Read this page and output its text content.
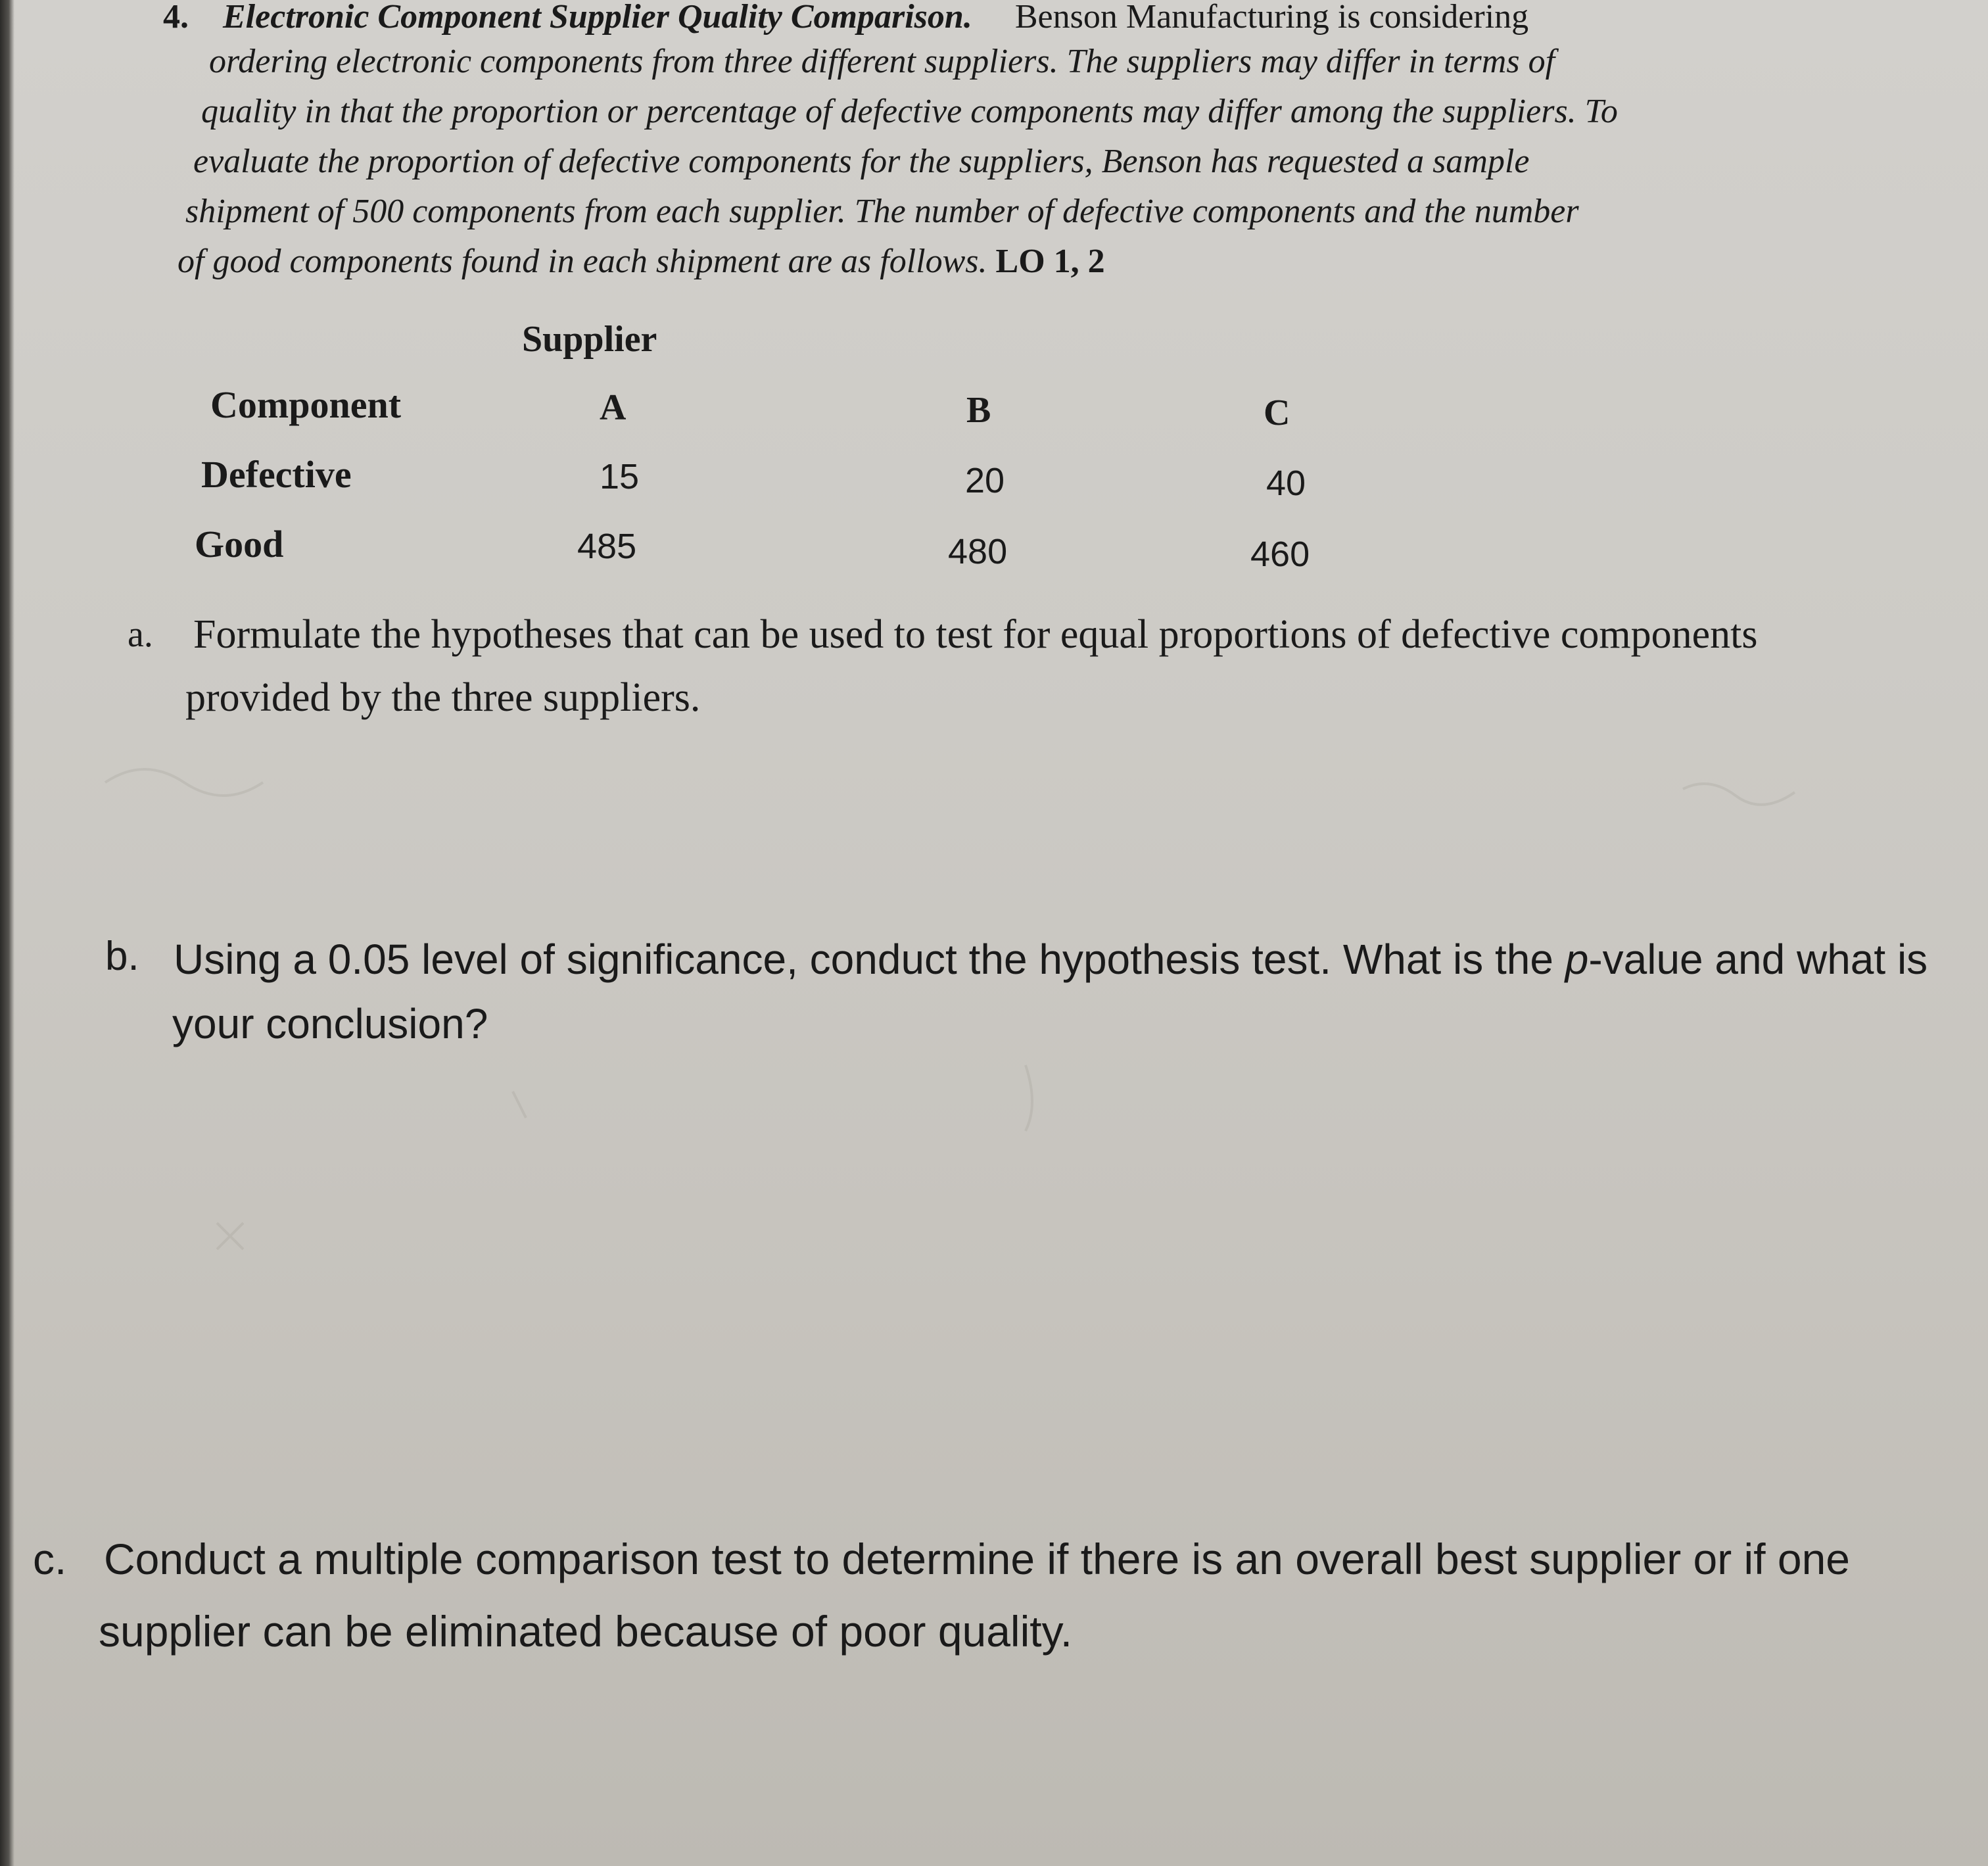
4. Electronic Component Supplier Quality Comparison. Benson Manufacturing is considering
ordering electronic components from three different suppliers. The suppliers may differ in terms of
quality in that the proportion or percentage of defective components may differ among the suppliers. To
evaluate the proportion of defective components for the suppliers, Benson has requested a sample
shipment of 500 components from each supplier. The number of defective components and the number
of good components found in each shipment are as follows. LO 1, 2
Supplier
Component	A	B	C
Defective	15	20	40
Good	485	480	460
a. Formulate the hypotheses that can be used to test for equal proportions of defective components
provided by the three suppliers.
b. Using a 0.05 level of significance, conduct the hypothesis test. What is the p-value and what is
your conclusion?
c. Conduct a multiple comparison test to determine if there is an overall best supplier or if one
supplier can be eliminated because of poor quality.
